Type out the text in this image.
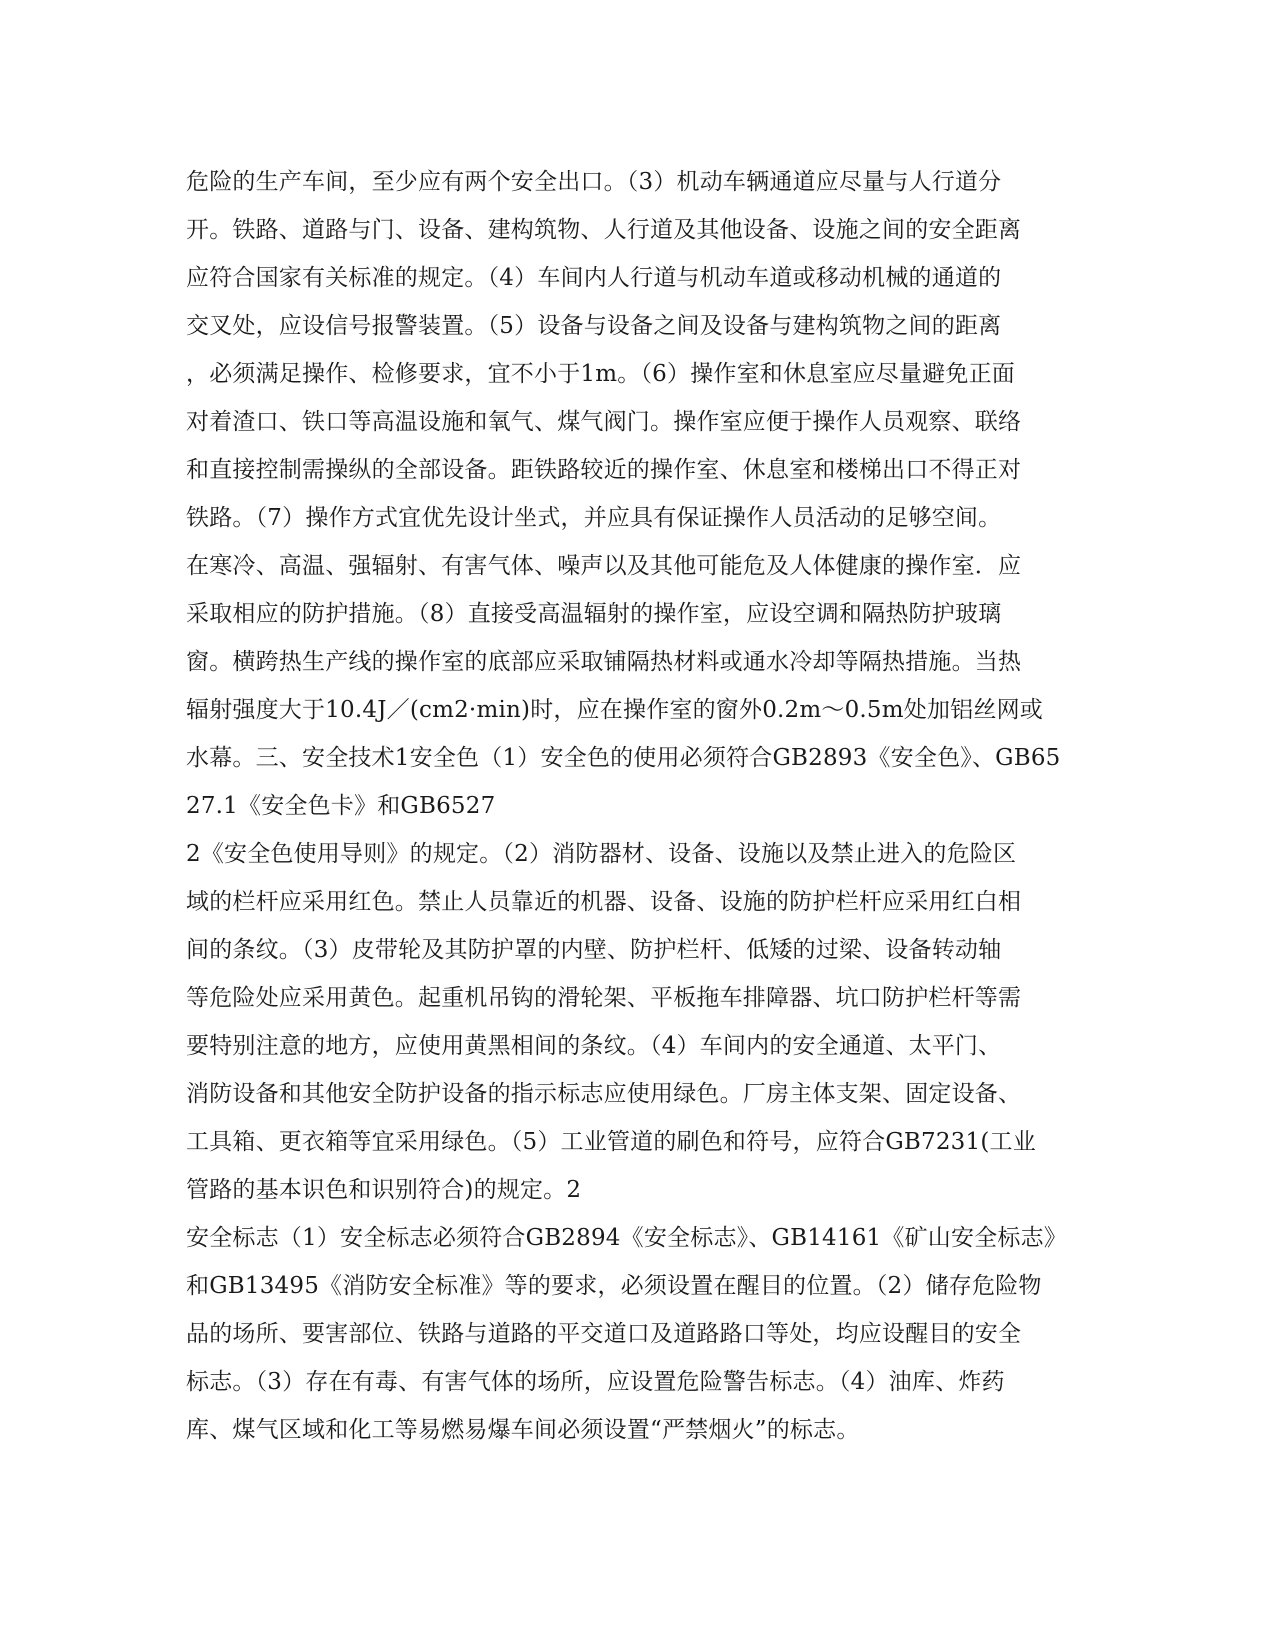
危险的生产车间，至少应有两个安全出口。（3）机动车辆通道应尽量与人行道分
开。铁路、道路与门、设备、建构筑物、人行道及其他设备、设施之间的安全距离
应符合国家有关标准的规定。（4）车间内人行道与机动车道或移动机械的通道的
交叉处，应设信号报警装置。（5）设备与设备之间及设备与建构筑物之间的距离
，必须满足操作、检修要求，宜不小于1m。（6）操作室和休息室应尽量避免正面
对着渣口、铁口等高温设施和氧气、煤气阀门。操作室应便于操作人员观察、联络
和直接控制需操纵的全部设备。距铁路较近的操作室、休息室和楼梯出口不得正对
铁路。（7）操作方式宜优先设计坐式，并应具有保证操作人员活动的足够空间。
在寒冷、高温、强辐射、有害气体、噪声以及其他可能危及人体健康的操作室．应
采取相应的防护措施。（8）直接受高温辐射的操作室，应设空调和隔热防护玻璃
窗。横跨热生产线的操作室的底部应采取铺隔热材料或通水冷却等隔热措施。当热
辐射强度大于10.4J／(cm2·min)时，应在操作室的窗外0.2m～0.5m处加铝丝网或
水幕。三、安全技术1安全色（1）安全色的使用必须符合GB2893《安全色》、GB65
27.1《安全色卡》和GB6527
2《安全色使用导则》的规定。（2）消防器材、设备、设施以及禁止进入的危险区
域的栏杆应采用红色。禁止人员靠近的机器、设备、设施的防护栏杆应采用红白相
间的条纹。（3）皮带轮及其防护罩的内壁、防护栏杆、低矮的过梁、设备转动轴
等危险处应采用黄色。起重机吊钩的滑轮架、平板拖车排障器、坑口防护栏杆等需
要特别注意的地方，应使用黄黑相间的条纹。（4）车间内的安全通道、太平门、
消防设备和其他安全防护设备的指示标志应使用绿色。厂房主体支架、固定设备、
工具箱、更衣箱等宜采用绿色。（5）工业管道的刷色和符号，应符合GB7231(工业
管路的基本识色和识别符合)的规定。2
安全标志（1）安全标志必须符合GB2894《安全标志》、GB14161《矿山安全标志》
和GB13495《消防安全标准》等的要求，必须设置在醒目的位置。（2）储存危险物
品的场所、要害部位、铁路与道路的平交道口及道路路口等处，均应设醒目的安全
标志。（3）存在有毒、有害气体的场所，应设置危险警告标志。（4）油库、炸药
库、煤气区域和化工等易燃易爆车间必须设置“严禁烟火”的标志。
